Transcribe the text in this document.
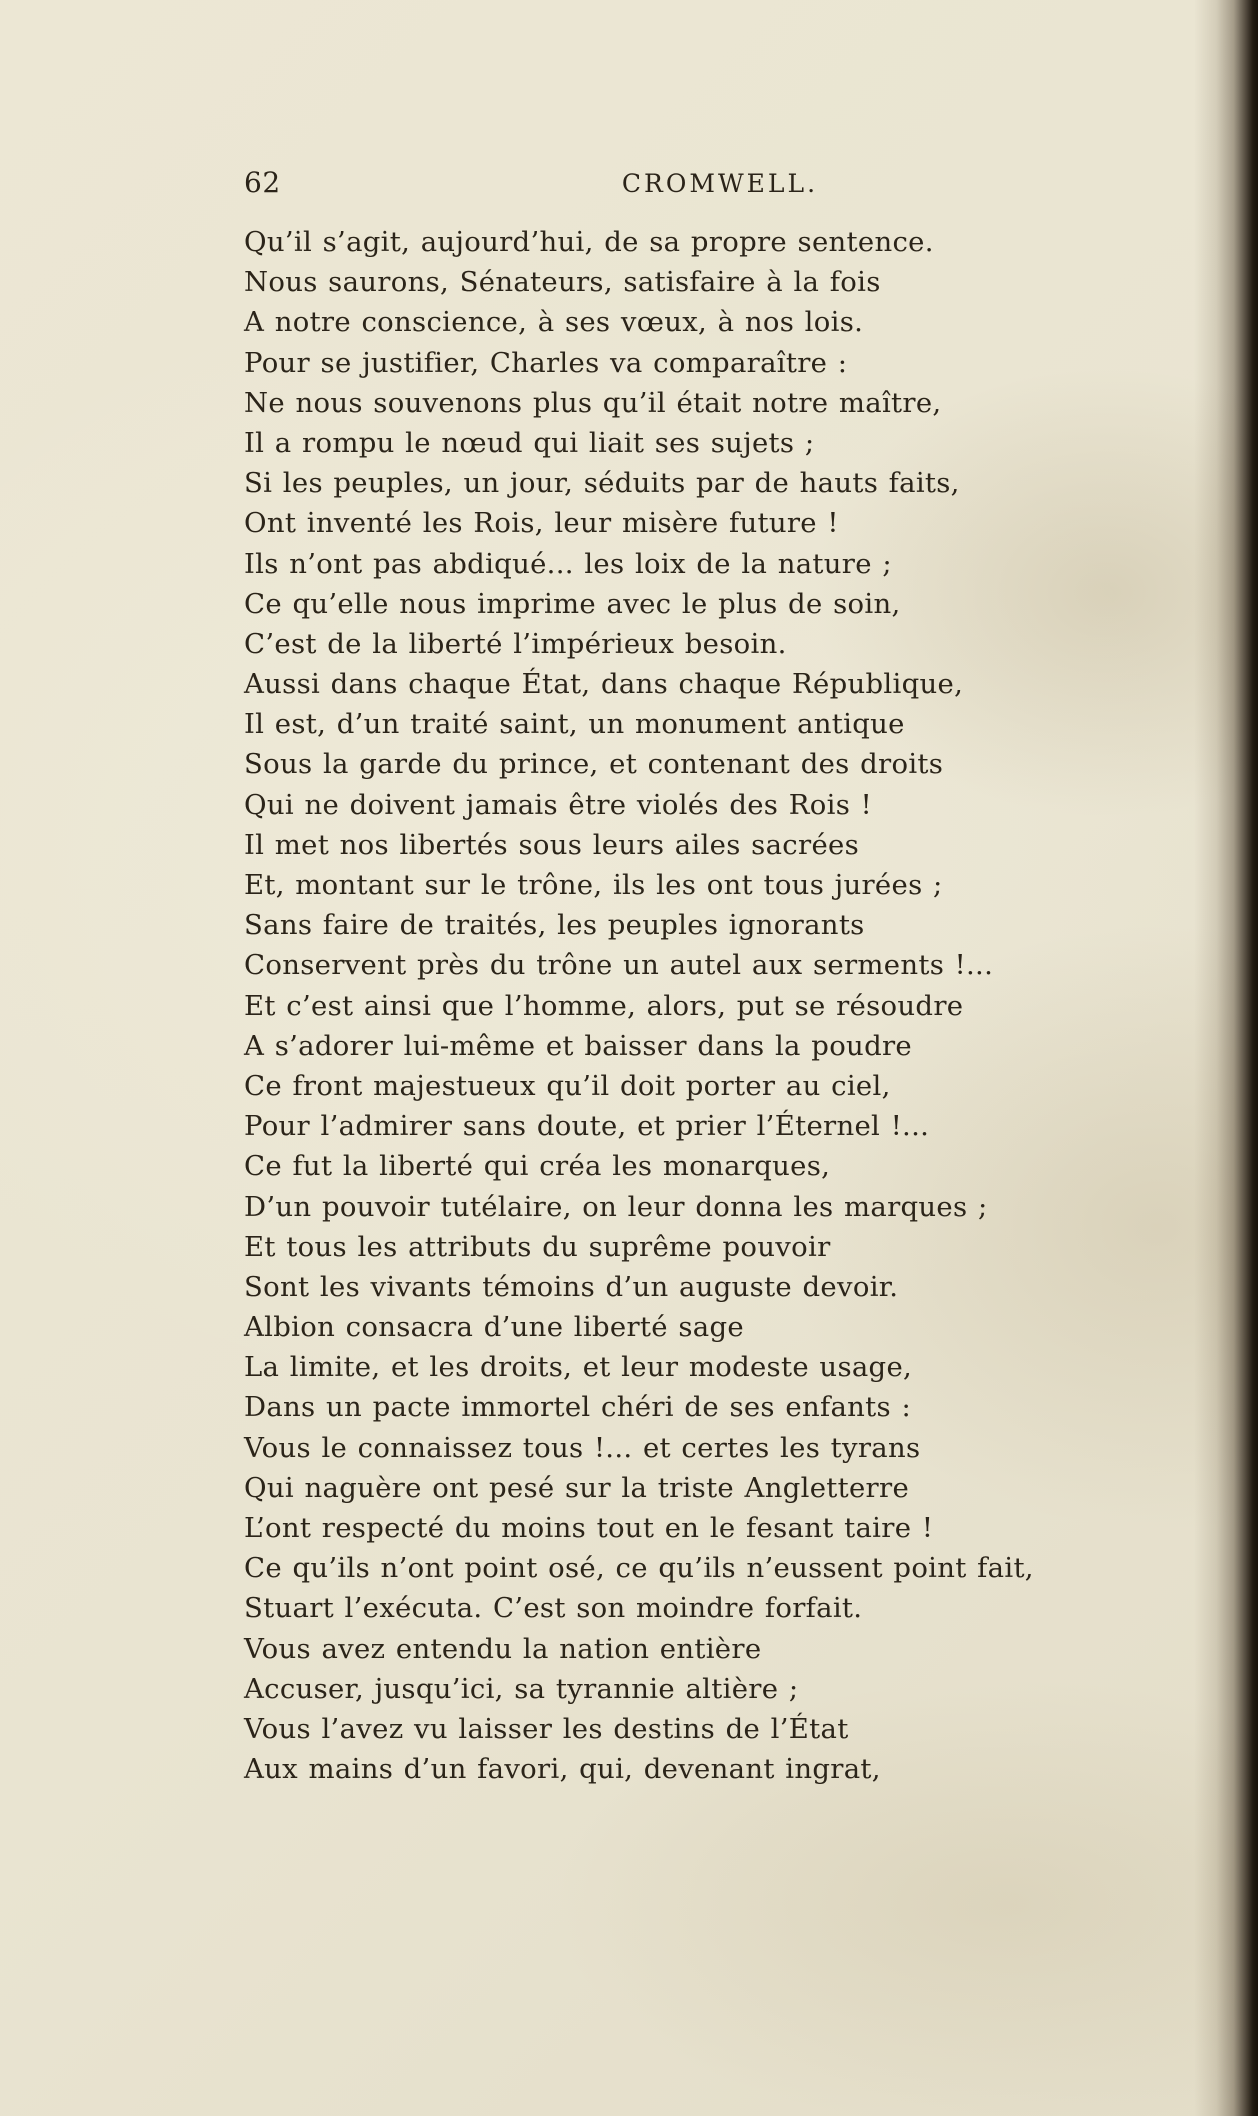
62	CROMWELL.
Qu’il s’agit, aujourd’hui, de sa propre sentence.
Nous saurons, Sénateurs, satisfaire à la fois
A notre conscience, à ses vœux, à nos lois.
Pour se justifier, Charles va comparaître :
Ne nous souvenons plus qu’il était notre maître,
Il a rompu le nœud qui liait ses sujets ;
Si les peuples, un jour, séduits par de hauts faits,
Ont inventé les Rois, leur misère future !
Ils n’ont pas abdiqué... les loix de la nature ;
Ce qu’elle nous imprime avec le plus de soin,
C’est de la liberté l’impérieux besoin.
Aussi dans chaque État, dans chaque République,
Il est, d’un traité saint, un monument antique
Sous la garde du prince, et contenant des droits
Qui ne doivent jamais être violés des Rois !
Il met nos libertés sous leurs ailes sacrées
Et, montant sur le trône, ils les ont tous jurées ;
Sans faire de traités, les peuples ignorants
Conservent près du trône un autel aux serments !...
Et c’est ainsi que l’homme, alors, put se résoudre
A s’adorer lui-même et baisser dans la poudre
Ce front majestueux qu’il doit porter au ciel,
Pour l’admirer sans doute, et prier l’Éternel !...
Ce fut la liberté qui créa les monarques,
D’un pouvoir tutélaire, on leur donna les marques ;
Et tous les attributs du suprême pouvoir
Sont les vivants témoins d’un auguste devoir.
Albion consacra d’une liberté sage
La limite, et les droits, et leur modeste usage,
Dans un pacte immortel chéri de ses enfants :
Vous le connaissez tous !... et certes les tyrans
Qui naguère ont pesé sur la triste Angletterre
L’ont respecté du moins tout en le fesant taire !
Ce qu’ils n’ont point osé, ce qu’ils n’eussent point fait,
Stuart l’exécuta. C’est son moindre forfait.
Vous avez entendu la nation entière
Accuser, jusqu’ici, sa tyrannie altière ;
Vous l’avez vu laisser les destins de l’État
Aux mains d’un favori, qui, devenant ingrat,
